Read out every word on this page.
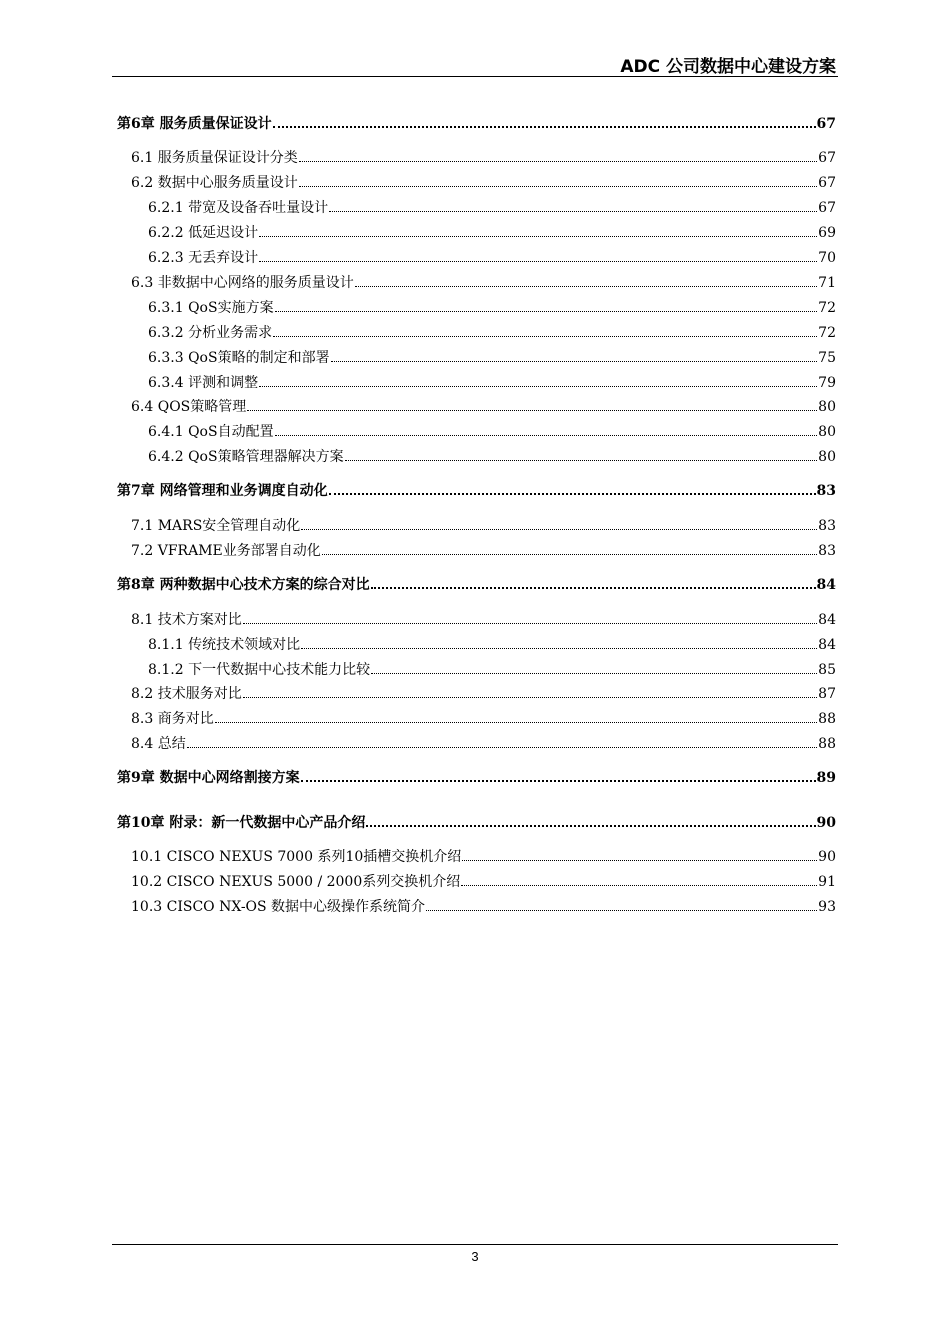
ADC 公司数据中心建设方案
第6章 服务质量保证设计	67
6.1 服务质量保证设计分类	67
6.2 数据中心服务质量设计	67
6.2.1 带宽及设备吞吐量设计	67
6.2.2 低延迟设计	69
6.2.3 无丢弃设计	70
6.3 非数据中心网络的服务质量设计	71
6.3.1 QoS实施方案	72
6.3.2 分析业务需求	72
6.3.3 QoS策略的制定和部署	75
6.3.4 评测和调整	79
6.4 QOS策略管理	80
6.4.1 QoS自动配置	80
6.4.2 QoS策略管理器解决方案	80
第7章 网络管理和业务调度自动化	83
7.1 MARS安全管理自动化	83
7.2 VFRAME业务部署自动化	83
第8章 两种数据中心技术方案的综合对比	84
8.1 技术方案对比	84
8.1.1 传统技术领域对比	84
8.1.2 下一代数据中心技术能力比较	85
8.2 技术服务对比	87
8.3 商务对比	88
8.4 总结	88
第9章 数据中心网络割接方案	89
第10章 附录：新一代数据中心产品介绍	90
10.1 CISCO NEXUS 7000 系列10插槽交换机介绍	90
10.2 CISCO NEXUS 5000 / 2000系列交换机介绍	91
10.3 CISCO NX-OS 数据中心级操作系统简介	93
3
